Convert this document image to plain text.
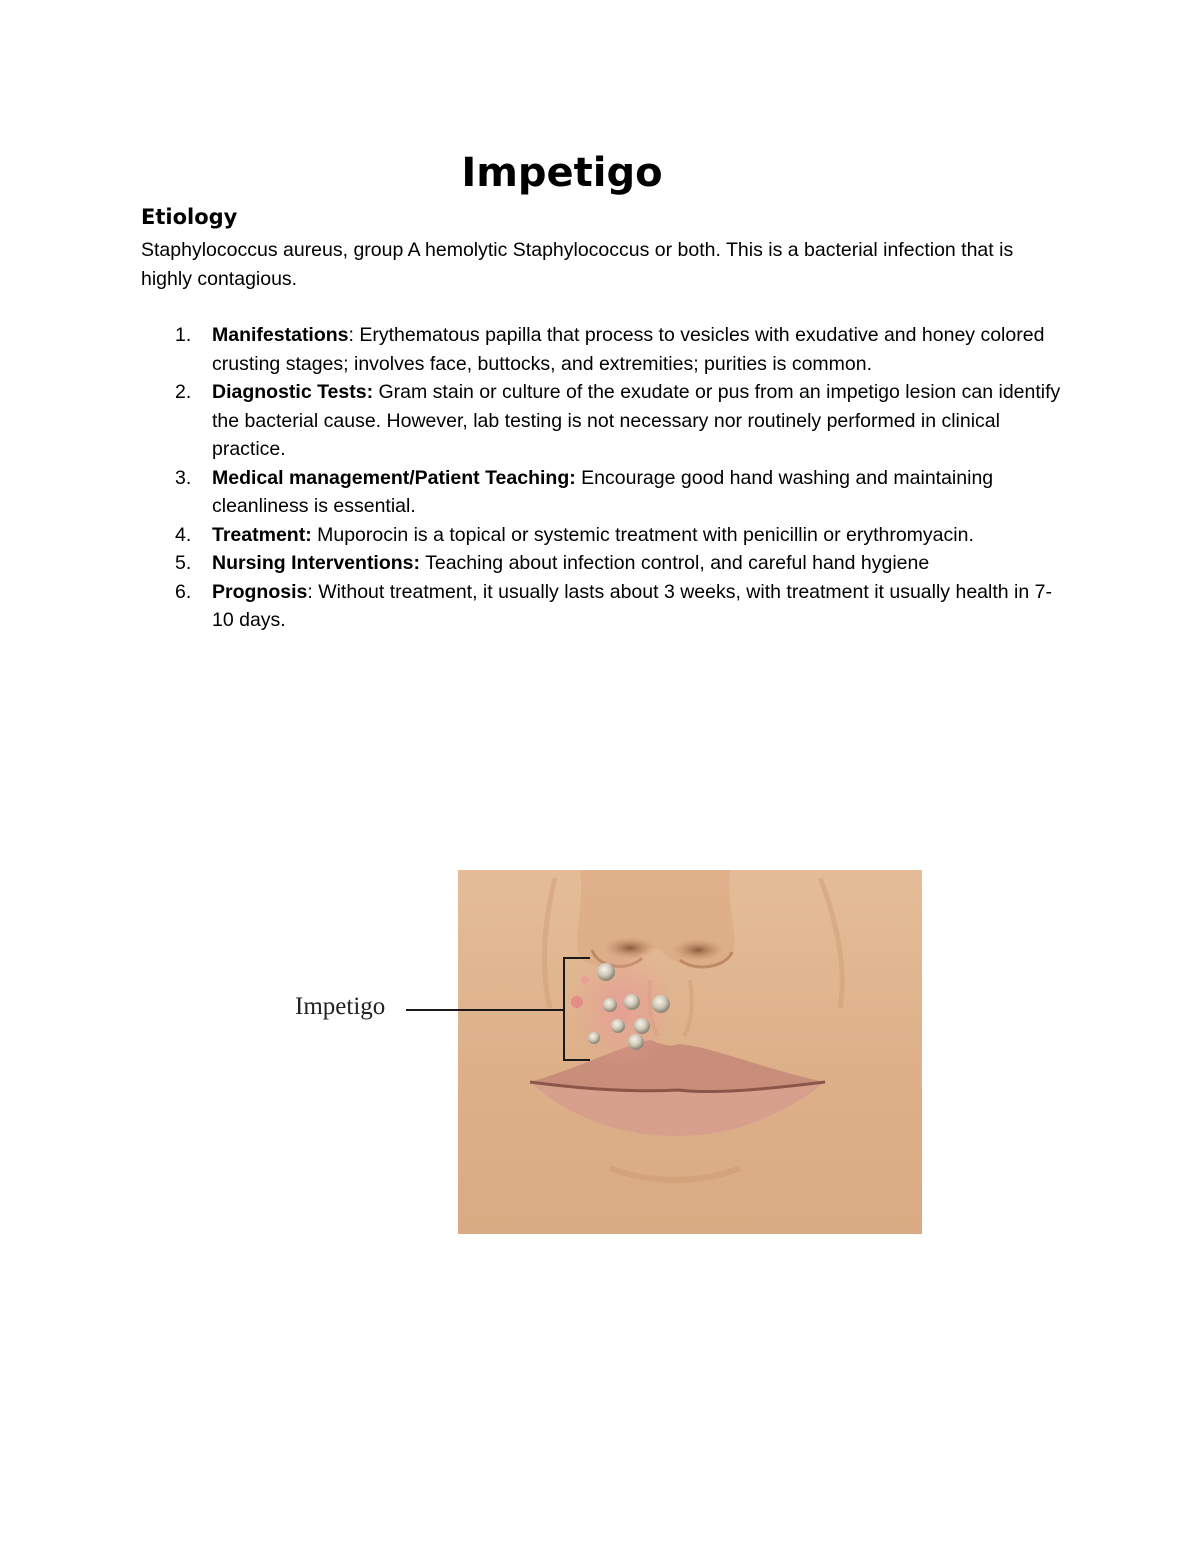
Impetigo
Etiology
Staphylococcus aureus, group A hemolytic Staphylococcus or both. This is a bacterial infection that is highly contagious.
1. Manifestations: Erythematous papilla that process to vesicles with exudative and honey colored crusting stages; involves face, buttocks, and extremities; purities is common.
2. Diagnostic Tests: Gram stain or culture of the exudate or pus from an impetigo lesion can identify the bacterial cause. However, lab testing is not necessary nor routinely performed in clinical practice.
3. Medical management/Patient Teaching: Encourage good hand washing and maintaining cleanliness is essential.
4. Treatment: Muporocin is a topical or systemic treatment with penicillin or erythromyacin.
5. Nursing Interventions: Teaching about infection control, and careful hand hygiene
6. Prognosis: Without treatment, it usually lasts about 3 weeks, with treatment it usually health in 7-10 days.
Impetigo
